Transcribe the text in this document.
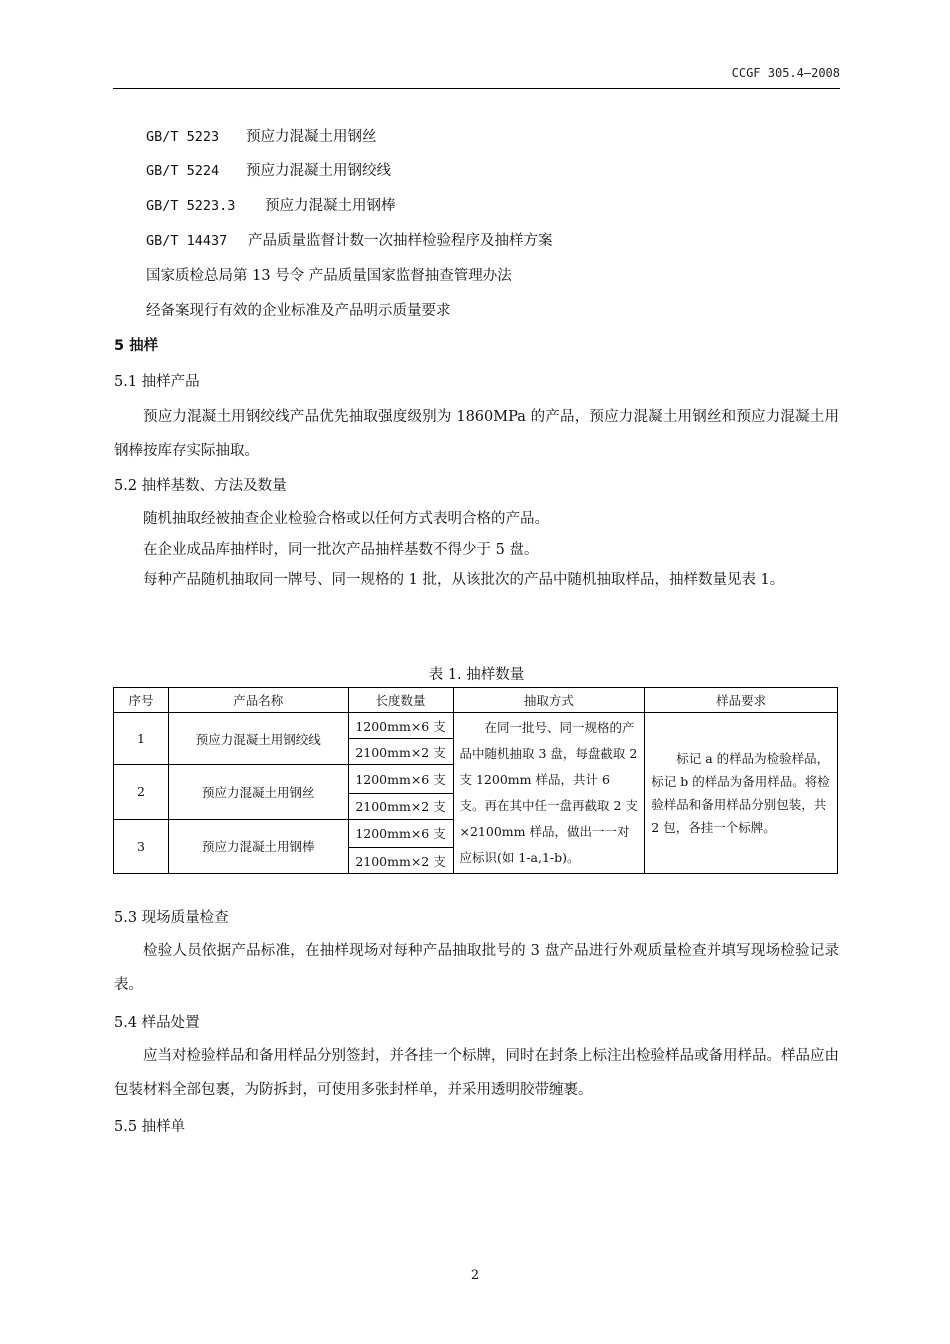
CCGF 305.4—2008
GB/T 5223 预应力混凝土用钢丝
GB/T 5224 预应力混凝土用钢绞线
GB/T 5223.3 预应力混凝土用钢棒
GB/T 14437 产品质量监督计数一次抽样检验程序及抽样方案
国家质检总局第 13 号令 产品质量国家监督抽查管理办法
经备案现行有效的企业标准及产品明示质量要求
5 抽样
5.1 抽样产品
预应力混凝土用钢绞线产品优先抽取强度级别为 1860MPa 的产品，预应力混凝土用钢丝和预应力混凝土用钢棒按库存实际抽取。
5.2 抽样基数、方法及数量
随机抽取经被抽查企业检验合格或以任何方式表明合格的产品。
在企业成品库抽样时，同一批次产品抽样基数不得少于 5 盘。
每种产品随机抽取同一牌号、同一规格的 1 批，从该批次的产品中随机抽取样品，抽样数量见表 1。
表 1. 抽样数量
序号	产品名称	长度数量	抽取方式	样品要求
1	预应力混凝土用钢绞线	1200mm×6 支	在同一批号、同一规格的产品中随机抽取 3 盘，每盘截取 2 支 1200mm 样品，共计 6 支。再在其中任一盘再截取 2 支×2100mm 样品，做出一一对应标识(如 1-a,1-b)。	标记 a 的样品为检验样品，标记 b 的样品为备用样品。将检验样品和备用样品分别包装，共 2 包，各挂一个标牌。
		2100mm×2 支		
2	预应力混凝土用钢丝	1200mm×6 支		
		2100mm×2 支		
3	预应力混凝土用钢棒	1200mm×6 支		
		2100mm×2 支		
5.3 现场质量检查
检验人员依据产品标准，在抽样现场对每种产品抽取批号的 3 盘产品进行外观质量检查并填写现场检验记录表。
5.4 样品处置
应当对检验样品和备用样品分别签封，并各挂一个标牌，同时在封条上标注出检验样品或备用样品。样品应由包装材料全部包裹，为防拆封，可使用多张封样单，并采用透明胶带缠裹。
5.5 抽样单
2
